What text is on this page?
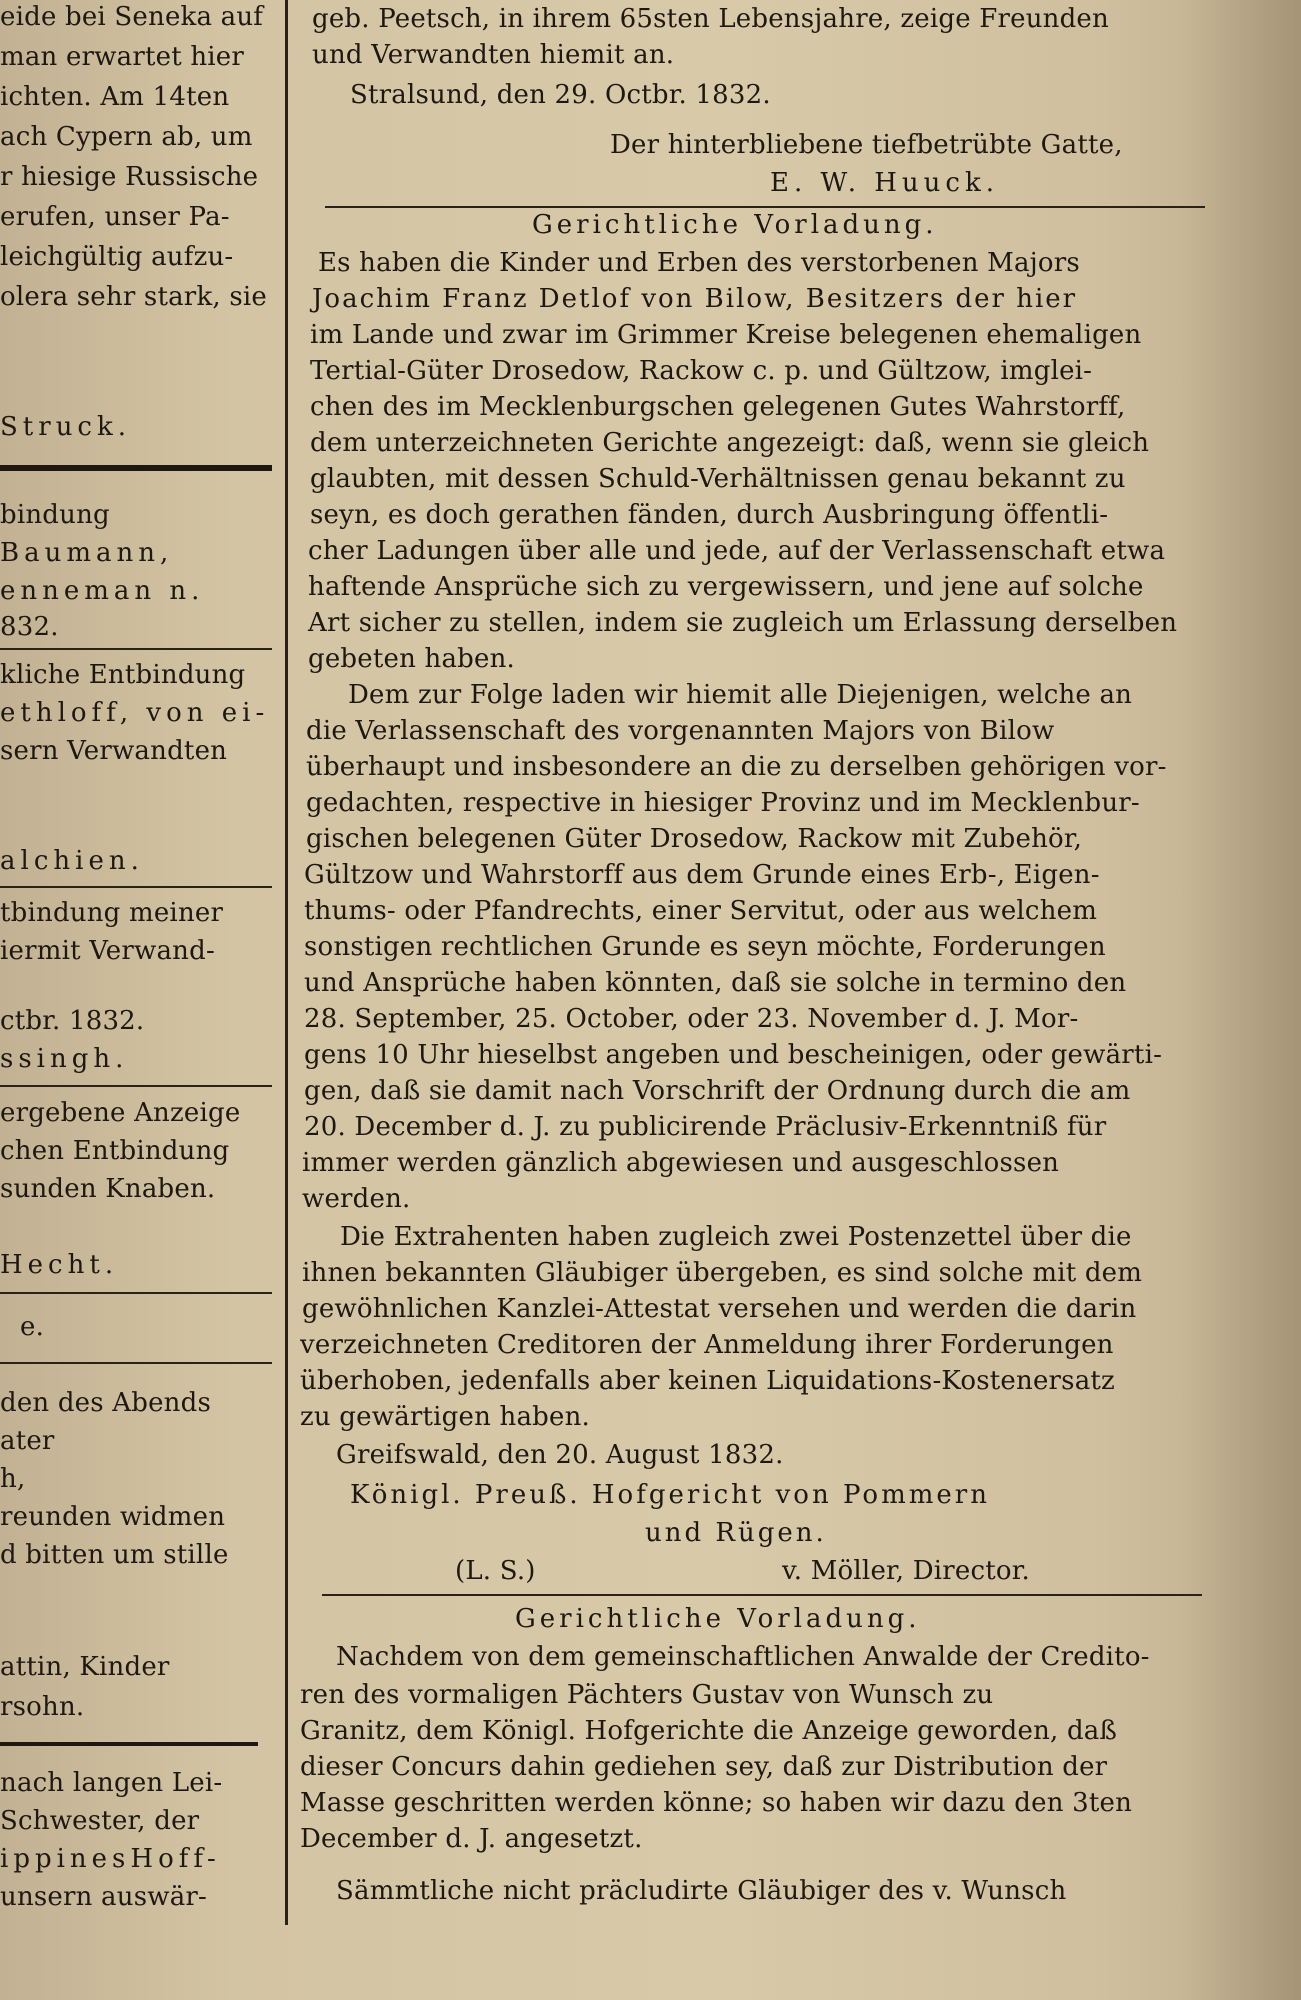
eide bei Seneka auf
man erwartet hier
ichten. Am 14ten
ach Cypern ab, um
r hiesige Russische
erufen, unser Pa-
leichgültig aufzu-
olera sehr stark, sie
Struck.
bindung
Baumann,
enneman n.
832.
kliche Entbindung
ethloff, von ei-
sern Verwandten
alchien.
tbindung meiner
iermit Verwand-
ctbr. 1832.
ssingh.
ergebene Anzeige
chen Entbindung
sunden Knaben.
Hecht.
e.
den des Abends
ater
h,
reunden widmen
d bitten um stille
attin, Kinder
rsohn.
nach langen Lei-
Schwester, der
ippinesHoff-
unsern auswär-
geb. Peetsch, in ihrem 65sten Lebensjahre, zeige Freunden
und Verwandten hiemit an.
Stralsund, den 29. Octbr. 1832.
Der hinterbliebene tiefbetrübte Gatte,
E. W. Huuck.
Gerichtliche Vorladung.
Es haben die Kinder und Erben des verstorbenen Majors
Joachim Franz Detlof von Bilow, Besitzers der hier
im Lande und zwar im Grimmer Kreise belegenen ehemaligen
Tertial-Güter Drosedow, Rackow c. p. und Gültzow, imglei-
chen des im Mecklenburgschen gelegenen Gutes Wahrstorff,
dem unterzeichneten Gerichte angezeigt: daß, wenn sie gleich
glaubten, mit dessen Schuld-Verhältnissen genau bekannt zu
seyn, es doch gerathen fänden, durch Ausbringung öffentli-
cher Ladungen über alle und jede, auf der Verlassenschaft etwa
haftende Ansprüche sich zu vergewissern, und jene auf solche
Art sicher zu stellen, indem sie zugleich um Erlassung derselben
gebeten haben.
Dem zur Folge laden wir hiemit alle Diejenigen, welche an
die Verlassenschaft des vorgenannten Majors von Bilow
überhaupt und insbesondere an die zu derselben gehörigen vor-
gedachten, respective in hiesiger Provinz und im Mecklenbur-
gischen belegenen Güter Drosedow, Rackow mit Zubehör,
Gültzow und Wahrstorff aus dem Grunde eines Erb-, Eigen-
thums- oder Pfandrechts, einer Servitut, oder aus welchem
sonstigen rechtlichen Grunde es seyn möchte, Forderungen
und Ansprüche haben könnten, daß sie solche in termino den
28. September, 25. October, oder 23. November d. J. Mor-
gens 10 Uhr hieselbst angeben und bescheinigen, oder gewärti-
gen, daß sie damit nach Vorschrift der Ordnung durch die am
20. December d. J. zu publicirende Präclusiv-Erkenntniß für
immer werden gänzlich abgewiesen und ausgeschlossen
werden.
Die Extrahenten haben zugleich zwei Postenzettel über die
ihnen bekannten Gläubiger übergeben, es sind solche mit dem
gewöhnlichen Kanzlei-Attestat versehen und werden die darin
verzeichneten Creditoren der Anmeldung ihrer Forderungen
überhoben, jedenfalls aber keinen Liquidations-Kostenersatz
zu gewärtigen haben.
Greifswald, den 20. August 1832.
Königl. Preuß. Hofgericht von Pommern
und Rügen.
(L. S.)	v. Möller, Director.
Gerichtliche Vorladung.
Nachdem von dem gemeinschaftlichen Anwalde der Credito-
ren des vormaligen Pächters Gustav von Wunsch zu
Granitz, dem Königl. Hofgerichte die Anzeige geworden, daß
dieser Concurs dahin gediehen sey, daß zur Distribution der
Masse geschritten werden könne; so haben wir dazu den 3ten
December d. J. angesetzt.
Sämmtliche nicht präcludirte Gläubiger des v. Wunsch
